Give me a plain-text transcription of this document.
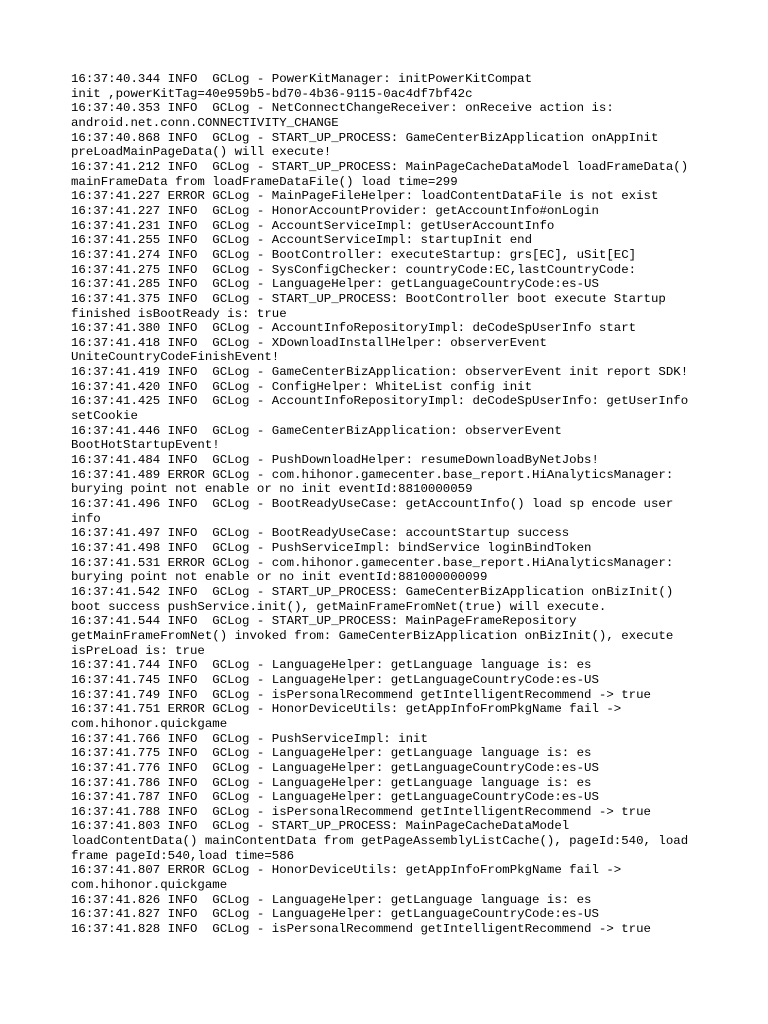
16:37:40.344 INFO  GCLog - PowerKitManager: initPowerKitCompat
init ,powerKitTag=40e959b5-bd70-4b36-9115-0ac4df7bf42c
16:37:40.353 INFO  GCLog - NetConnectChangeReceiver: onReceive action is:
android.net.conn.CONNECTIVITY_CHANGE
16:37:40.868 INFO  GCLog - START_UP_PROCESS: GameCenterBizApplication onAppInit
preLoadMainPageData() will execute!
16:37:41.212 INFO  GCLog - START_UP_PROCESS: MainPageCacheDataModel loadFrameData()
mainFrameData from loadFrameDataFile() load time=299
16:37:41.227 ERROR GCLog - MainPageFileHelper: loadContentDataFile is not exist
16:37:41.227 INFO  GCLog - HonorAccountProvider: getAccountInfo#onLogin
16:37:41.231 INFO  GCLog - AccountServiceImpl: getUserAccountInfo
16:37:41.255 INFO  GCLog - AccountServiceImpl: startupInit end
16:37:41.274 INFO  GCLog - BootController: executeStartup: grs[EC], uSit[EC]
16:37:41.275 INFO  GCLog - SysConfigChecker: countryCode:EC,lastCountryCode:
16:37:41.285 INFO  GCLog - LanguageHelper: getLanguageCountryCode:es-US
16:37:41.375 INFO  GCLog - START_UP_PROCESS: BootController boot execute Startup
finished isBootReady is: true
16:37:41.380 INFO  GCLog - AccountInfoRepositoryImpl: deCodeSpUserInfo start
16:37:41.418 INFO  GCLog - XDownloadInstallHelper: observerEvent
UniteCountryCodeFinishEvent!
16:37:41.419 INFO  GCLog - GameCenterBizApplication: observerEvent init report SDK!
16:37:41.420 INFO  GCLog - ConfigHelper: WhiteList config init
16:37:41.425 INFO  GCLog - AccountInfoRepositoryImpl: deCodeSpUserInfo: getUserInfo
setCookie
16:37:41.446 INFO  GCLog - GameCenterBizApplication: observerEvent
BootHotStartupEvent!
16:37:41.484 INFO  GCLog - PushDownloadHelper: resumeDownloadByNetJobs!
16:37:41.489 ERROR GCLog - com.hihonor.gamecenter.base_report.HiAnalyticsManager:
burying point not enable or no init eventId:8810000059
16:37:41.496 INFO  GCLog - BootReadyUseCase: getAccountInfo() load sp encode user
info
16:37:41.497 INFO  GCLog - BootReadyUseCase: accountStartup success
16:37:41.498 INFO  GCLog - PushServiceImpl: bindService loginBindToken
16:37:41.531 ERROR GCLog - com.hihonor.gamecenter.base_report.HiAnalyticsManager:
burying point not enable or no init eventId:881000000099
16:37:41.542 INFO  GCLog - START_UP_PROCESS: GameCenterBizApplication onBizInit()
boot success pushService.init(), getMainFrameFromNet(true) will execute.
16:37:41.544 INFO  GCLog - START_UP_PROCESS: MainPageFrameRepository
getMainFrameFromNet() invoked from: GameCenterBizApplication onBizInit(), execute
isPreLoad is: true
16:37:41.744 INFO  GCLog - LanguageHelper: getLanguage language is: es
16:37:41.745 INFO  GCLog - LanguageHelper: getLanguageCountryCode:es-US
16:37:41.749 INFO  GCLog - isPersonalRecommend getIntelligentRecommend -> true
16:37:41.751 ERROR GCLog - HonorDeviceUtils: getAppInfoFromPkgName fail ->
com.hihonor.quickgame
16:37:41.766 INFO  GCLog - PushServiceImpl: init
16:37:41.775 INFO  GCLog - LanguageHelper: getLanguage language is: es
16:37:41.776 INFO  GCLog - LanguageHelper: getLanguageCountryCode:es-US
16:37:41.786 INFO  GCLog - LanguageHelper: getLanguage language is: es
16:37:41.787 INFO  GCLog - LanguageHelper: getLanguageCountryCode:es-US
16:37:41.788 INFO  GCLog - isPersonalRecommend getIntelligentRecommend -> true
16:37:41.803 INFO  GCLog - START_UP_PROCESS: MainPageCacheDataModel
loadContentData() mainContentData from getPageAssemblyListCache(), pageId:540, load
frame pageId:540,load time=586
16:37:41.807 ERROR GCLog - HonorDeviceUtils: getAppInfoFromPkgName fail ->
com.hihonor.quickgame
16:37:41.826 INFO  GCLog - LanguageHelper: getLanguage language is: es
16:37:41.827 INFO  GCLog - LanguageHelper: getLanguageCountryCode:es-US
16:37:41.828 INFO  GCLog - isPersonalRecommend getIntelligentRecommend -> true
